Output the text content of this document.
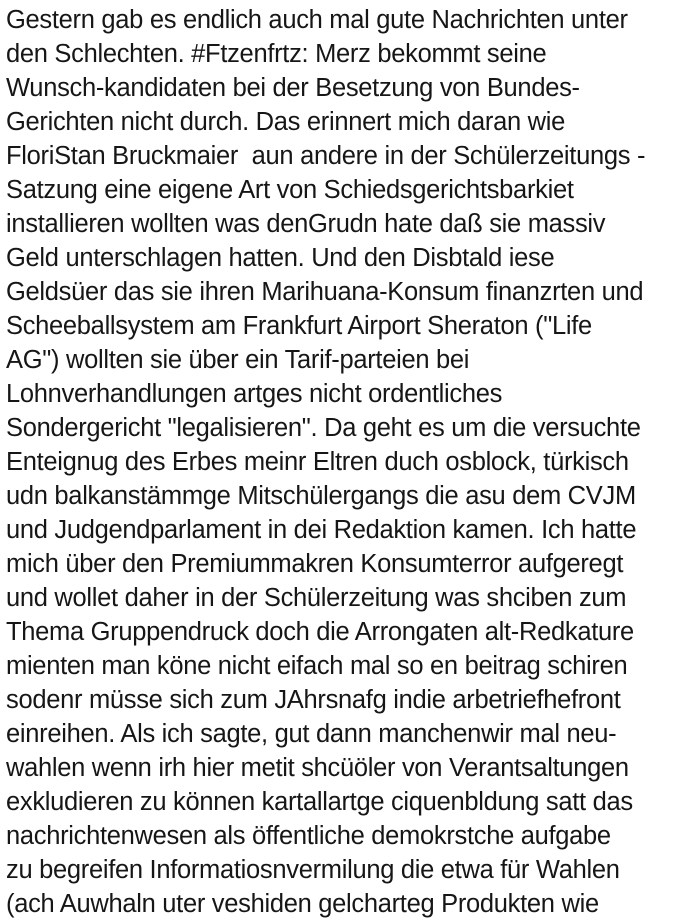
Gestern gab es endlich auch mal gute Nachrichten unter
den Schlechten. #Ftzenfrtz: Merz bekommt seine
Wunsch-kandidaten bei der Besetzung von Bundes-
Gerichten nicht durch. Das erinnert mich daran wie
FloriStan Bruckmaier  aun andere in der Schülerzeitungs -
Satzung eine eigene Art von Schiedsgerichtsbarkiet
installieren wollten was denGrudn hate daß sie massiv
Geld unterschlagen hatten. Und den Disbtald iese
Geldsüer das sie ihren Marihuana-Konsum finanzrten und
Scheeballsystem am Frankfurt Airport Sheraton ("Life
AG") wollten sie über ein Tarif-parteien bei
Lohnverhandlungen artges nicht ordentliches
Sondergericht "legalisieren". Da geht es um die versuchte
Enteignug des Erbes meinr Eltren duch osblock, türkisch
udn balkanstämmge Mitschülergangs die asu dem CVJM
und Judgendparlament in dei Redaktion kamen. Ich hatte
mich über den Premiummakren Konsumterror aufgeregt
und wollet daher in der Schülerzeitung was shciben zum
Thema Gruppendruck doch die Arrongaten alt-Redkature
mienten man köne nicht eifach mal so en beitrag schiren
sodenr müsse sich zum JAhrsnafg indie arbetriefhefront
einreihen. Als ich sagte, gut dann manchenwir mal neu-
wahlen wenn irh hier metit shcüöler von Verantsaltungen
exkludieren zu können kartallartge ciquenbldung satt das
nachrichtenwesen als öffentliche demokrstche aufgabe
zu begreifen Informatiosnvermilung die etwa für Wahlen
(ach Auwhaln uter veshiden gelcharteg Produkten wie
